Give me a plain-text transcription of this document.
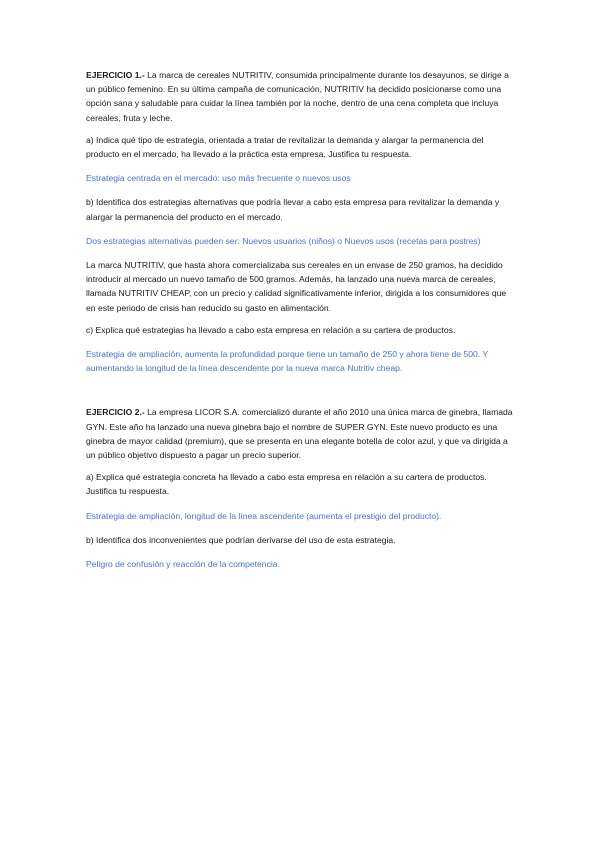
EJERCICIO 1.- La marca de cereales NUTRITIV, consumida principalmente durante los desayunos, se dirige a un público femenino. En su última campaña de comunicación, NUTRITIV ha decidido posicionarse como una opción sana y saludable para cuidar la línea también por la noche, dentro de una cena completa que incluya cereales, fruta y leche.

a) Indica qué tipo de estrategia, orientada a tratar de revitalizar la demanda y alargar la permanencia del producto en el mercado, ha llevado a la práctica esta empresa. Justifica tu respuesta.

Estrategia centrada en el mercado: uso más frecuente o nuevos usos

b) Identifica dos estrategias alternativas que podría llevar a cabo esta empresa para revitalizar la demanda y alargar la permanencia del producto en el mercado.

Dos estrategias alternativas pueden ser: Nuevos usuarios (niños) o Nuevos usos (recetas para postres)

La marca NUTRITIV, que hasta ahora comercializaba sus cereales en un envase de 250 gramos, ha decidido introducir al mercado un nuevo tamaño de 500 gramos. Además, ha lanzado una nueva marca de cereales, llamada NUTRITIV CHEAP, con un precio y calidad significativamente inferior, dirigida a los consumidores que en este periodo de crisis han reducido su gasto en alimentación.

c) Explica qué estrategias ha llevado a cabo esta empresa en relación a su cartera de productos.

Estrategia de ampliación, aumenta la profundidad porque tiene un tamaño de 250 y ahora tiene de 500. Y aumentando la longitud de la línea descendente por la nueva marca Nutritiv cheap.

EJERCICIO 2.- La empresa LICOR S.A. comercializó durante el año 2010 una única marca de ginebra, llamada GYN. Este año ha lanzado una nueva ginebra bajo el nombre de SUPER GYN. Este nuevo producto es una ginebra de mayor calidad (premium), que se presenta en una elegante botella de color azul, y que va dirigida a un público objetivo dispuesto a pagar un precio superior.

a) Explica qué estrategia concreta ha llevado a cabo esta empresa en relación a su cartera de productos. Justifica tu respuesta.

Estrategia de ampliación, longitud de la línea ascendente (aumenta el prestigio del producto).

b) Identifica dos inconvenientes que podrían derivarse del uso de esta estrategia.

Peligro de confusión y reacción de la competencia.
